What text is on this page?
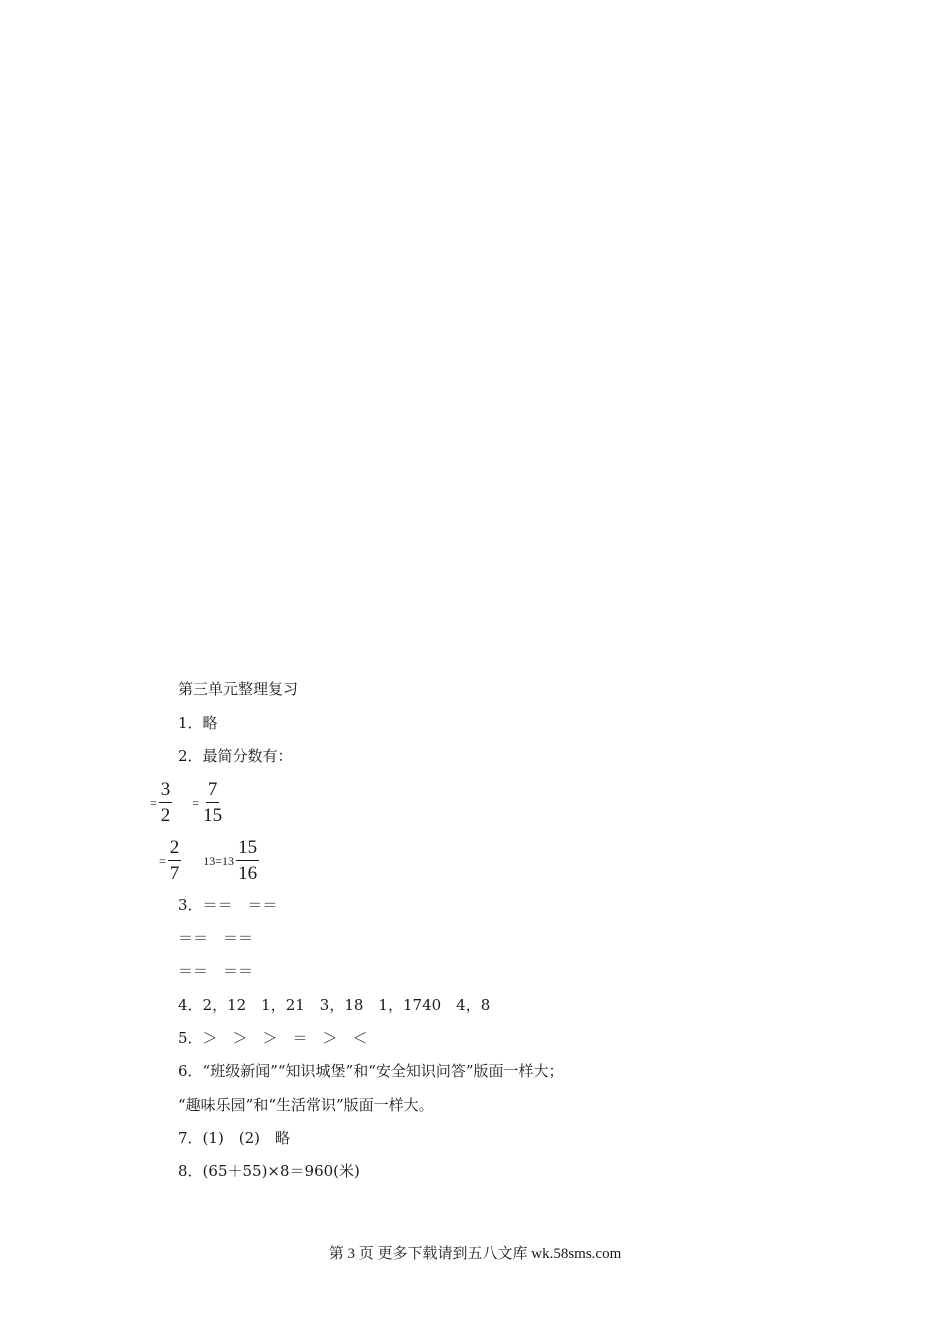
第三单元整理复习
1．略
2．最简分数有：
= $\frac{3}{2} = \frac{7}{15}$
= $\frac{2}{7} 13=13 \frac{15}{16}$
3．＝＝　＝＝
＝＝　＝＝
＝＝　＝＝
4．2，12　1，21　3，18　1，1740　4，8
5．＞　＞　＞　＝　＞　＜
6．“班级新闻”“知识城堡”和“安全知识问答”版面一样大；
“趣味乐园”和“生活常识”版面一样大。
7．(1)　(2)　略
8．(65＋55)×8＝960(米)
第 3 页 更多下载请到五八文库 wk.58sms.com
